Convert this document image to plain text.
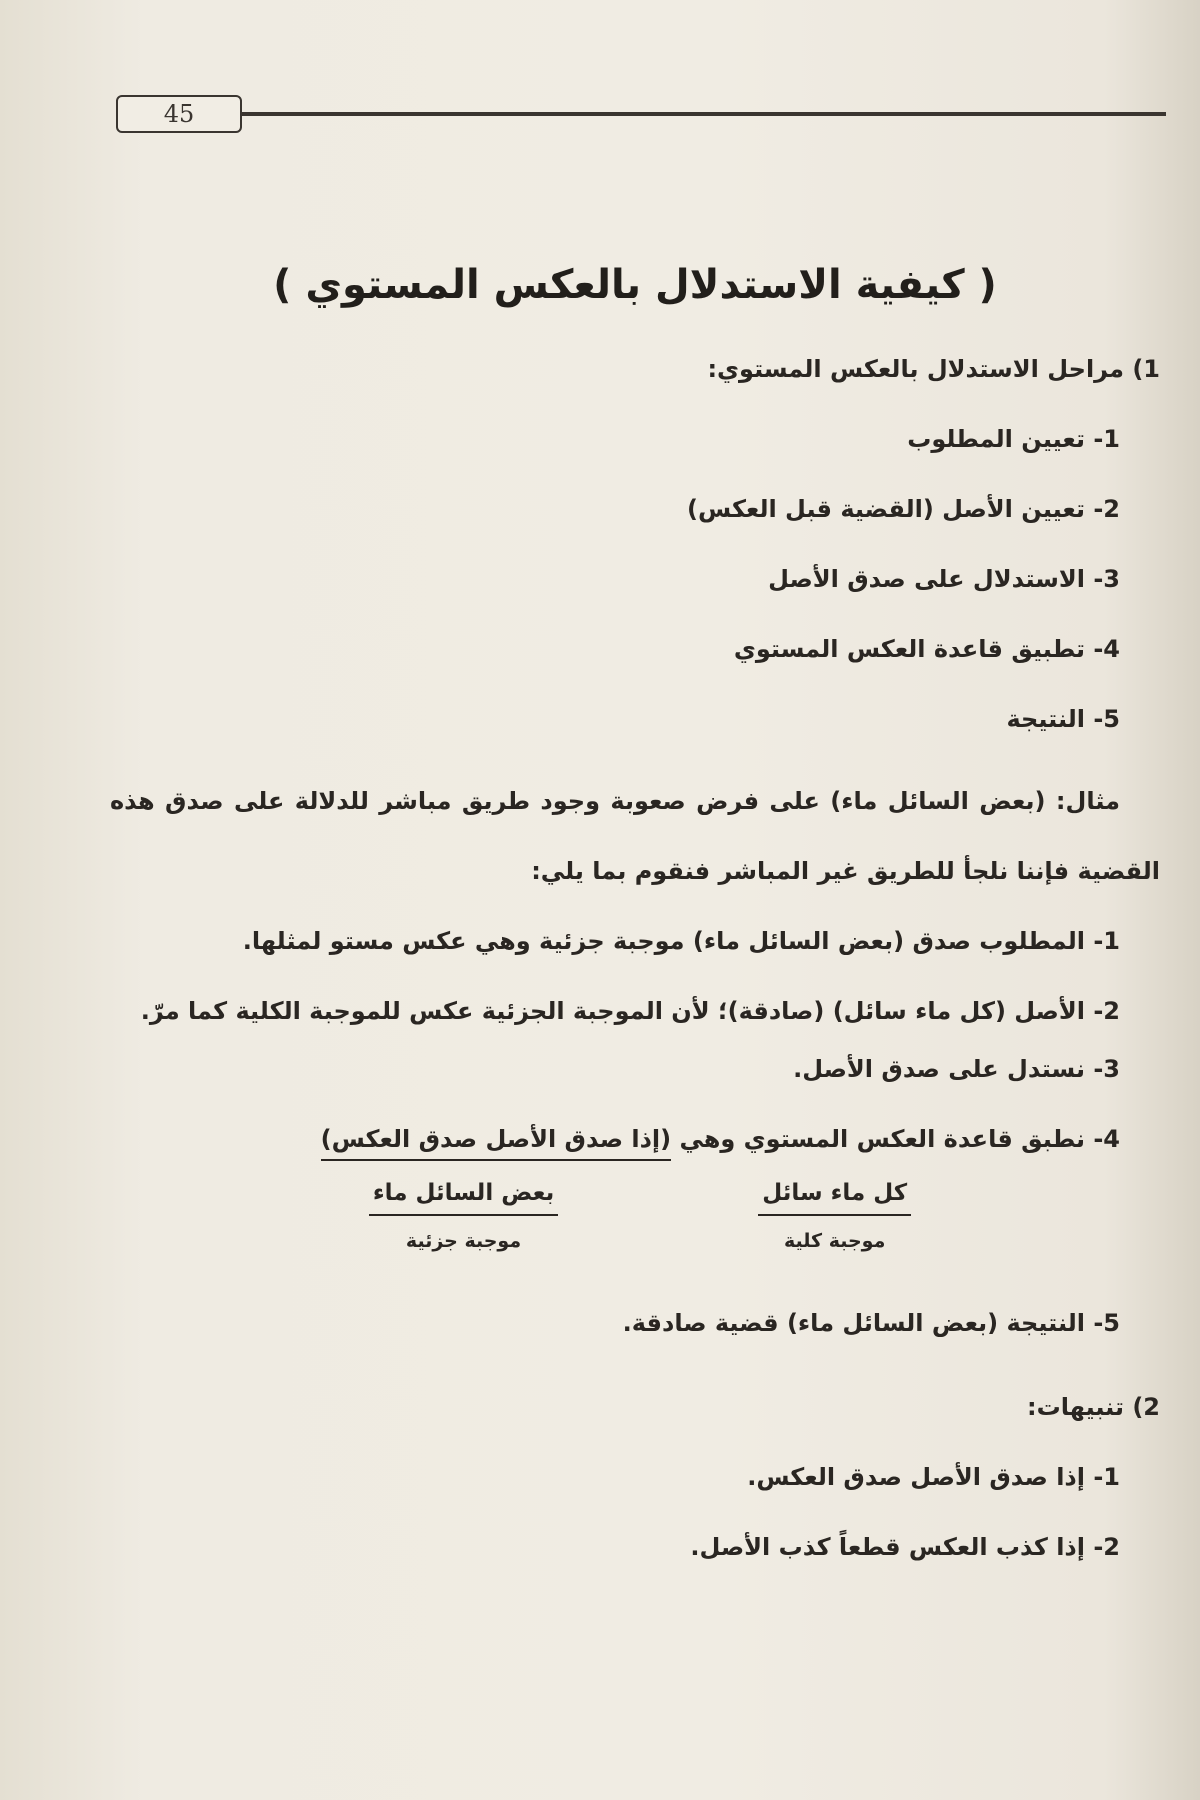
45
( كيفية الاستدلال بالعكس المستوي )
1) مراحل الاستدلال بالعكس المستوي:
1- تعيين المطلوب
2- تعيين الأصل (القضية قبل العكس)
3- الاستدلال على صدق الأصل
4- تطبيق قاعدة العكس المستوي
5- النتيجة

مثال: (بعض السائل ماء) على فرض صعوبة وجود طريق مباشر للدلالة على صدق هذه القضية فإننا نلجأ للطريق غير المباشر فنقوم بما يلي:

1- المطلوب صدق (بعض السائل ماء) موجبة جزئية وهي عكس مستو لمثلها.

2- الأصل (كل ماء سائل) (صادقة)؛ لأن الموجبة الجزئية عكس للموجبة الكلية كما مرّ.

3- نستدل على صدق الأصل.
4- نطبق قاعدة العكس المستوي وهي (إذا صدق الأصل صدق العكس)
كل ماء سائل
موجبة كلية
بعض السائل ماء
موجبة جزئية
5- النتيجة (بعض السائل ماء) قضية صادقة.
2) تنبيهات:
1- إذا صدق الأصل صدق العكس.
2- إذا كذب العكس قطعاً كذب الأصل.
